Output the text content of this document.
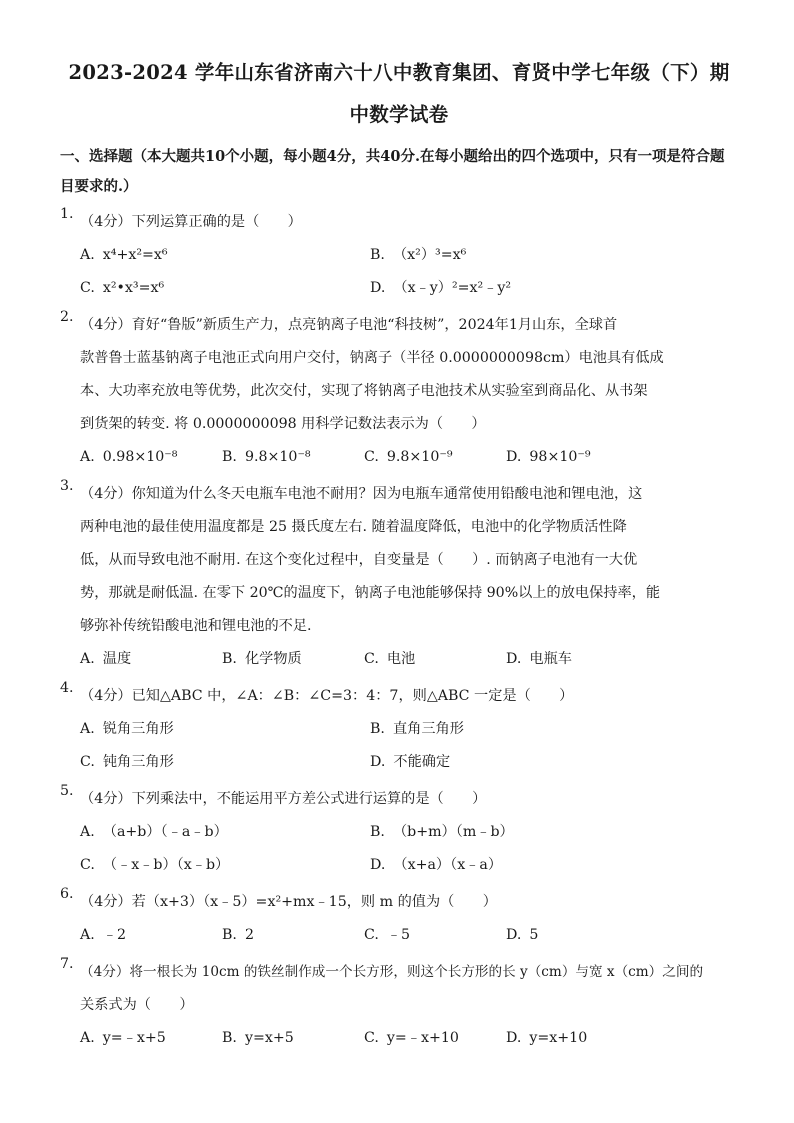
2023-2024 学年山东省济南六十八中教育集团、育贤中学七年级（下）期
中数学试卷
一、选择题（本大题共10个小题，每小题4分，共40分.在每小题给出的四个选项中，只有一项是符合题
目要求的.）
1. （4分）下列运算正确的是（　　）
A. x⁴+x²=x⁶	B. （x²）³=x⁶
C. x²•x³=x⁶	D. （x﹣y）²=x²﹣y²
2. （4分）育好“鲁版”新质生产力，点亮钠离子电池“科技树”，2024年1月山东，全球首
款普鲁士蓝基钠离子电池正式向用户交付，钠离子（半径 0.0000000098cm）电池具有低成
本、大功率充放电等优势，此次交付，实现了将钠离子电池技术从实验室到商品化、从书架
到货架的转变. 将 0.0000000098 用科学记数法表示为（　　）
A. 0.98×10⁻⁸	B. 9.8×10⁻⁸	C. 9.8×10⁻⁹	D. 98×10⁻⁹
3. （4分）你知道为什么冬天电瓶车电池不耐用？因为电瓶车通常使用铅酸电池和锂电池，这
两种电池的最佳使用温度都是 25 摄氏度左右. 随着温度降低，电池中的化学物质活性降
低，从而导致电池不耐用. 在这个变化过程中，自变量是（　　）. 而钠离子电池有一大优
势，那就是耐低温. 在零下 20℃的温度下，钠离子电池能够保持 90%以上的放电保持率，能
够弥补传统铅酸电池和锂电池的不足.
A. 温度	B. 化学物质	C. 电池	D. 电瓶车
4. （4分）已知△ABC 中，∠A：∠B：∠C=3：4：7，则△ABC 一定是（　　）
A. 锐角三角形	B. 直角三角形
C. 钝角三角形	D. 不能确定
5. （4分）下列乘法中，不能运用平方差公式进行运算的是（　　）
A. （a+b）（﹣a﹣b）	B. （b+m）（m﹣b）
C. （﹣x﹣b）（x﹣b）	D. （x+a）（x﹣a）
6. （4分）若（x+3）（x﹣5）=x²+mx﹣15，则 m 的值为（　　）
A. ﹣2	B. 2	C. ﹣5	D. 5
7. （4分）将一根长为 10cm 的铁丝制作成一个长方形，则这个长方形的长 y（cm）与宽 x（cm）之间的
关系式为（　　）
A. y=﹣x+5	B. y=x+5	C. y=﹣x+10	D. y=x+10
